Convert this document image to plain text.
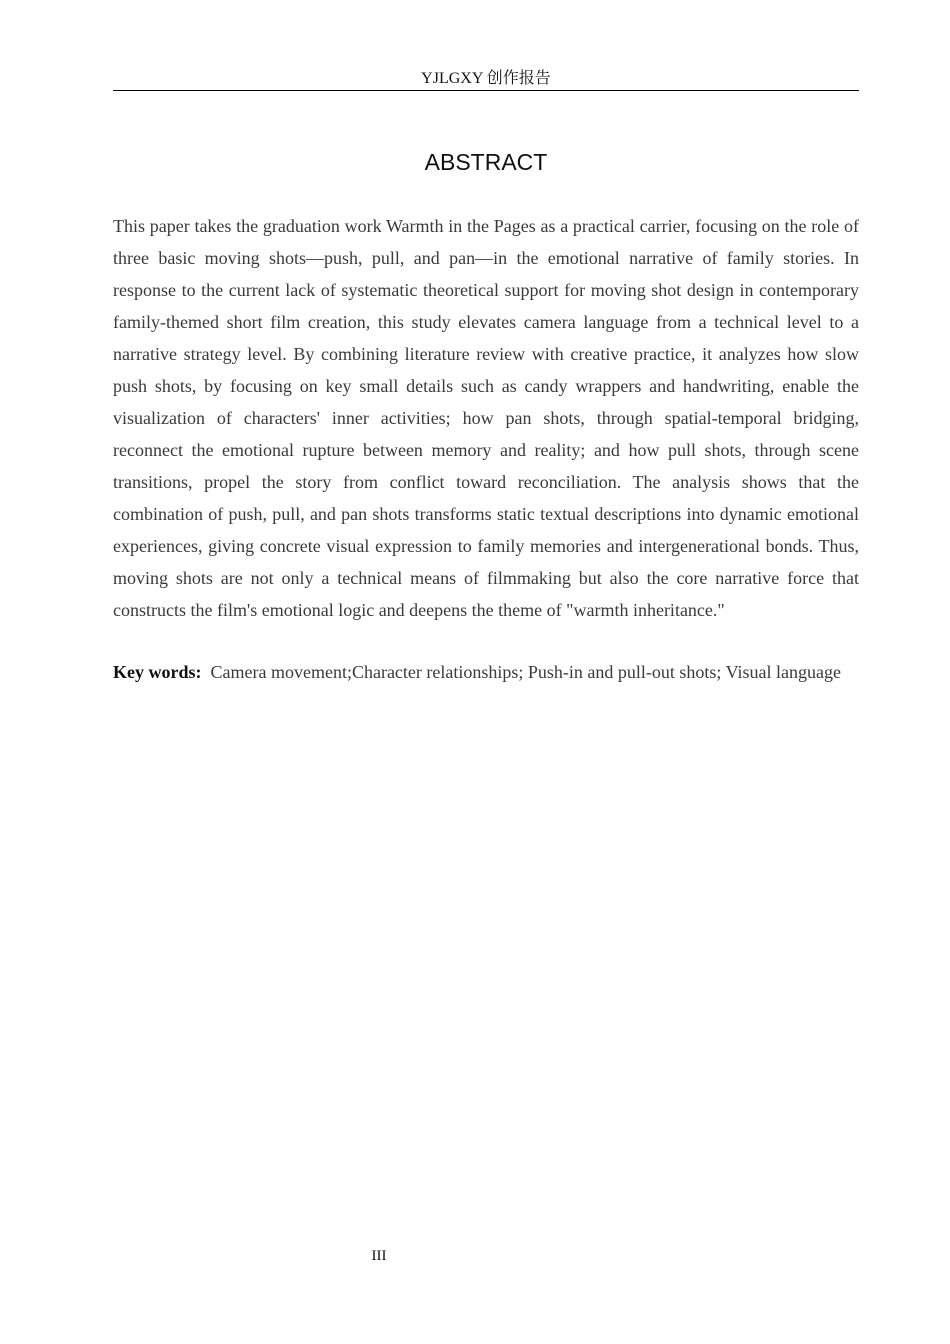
YJLGXY 创作报告
ABSTRACT

This paper takes the graduation work Warmth in the Pages as a practical carrier, focusing on the role of three basic moving shots—push, pull, and pan—in the emotional narrative of family stories. In response to the current lack of systematic theoretical support for moving shot design in contemporary family-themed short film creation, this study elevates camera language from a technical level to a narrative strategy level. By combining literature review with creative practice, it analyzes how slow push shots, by focusing on key small details such as candy wrappers and handwriting, enable the visualization of characters' inner activities; how pan shots, through spatial-temporal bridging, reconnect the emotional rupture between memory and reality; and how pull shots, through scene transitions, propel the story from conflict toward reconciliation. The analysis shows that the combination of push, pull, and pan shots transforms static textual descriptions into dynamic emotional experiences, giving concrete visual expression to family memories and intergenerational bonds. Thus, moving shots are not only a technical means of filmmaking but also the core narrative force that constructs the film's emotional logic and deepens the theme of "warmth inheritance."

Key words: Camera movement;Character relationships; Push-in and pull-out shots; Visual language

III
